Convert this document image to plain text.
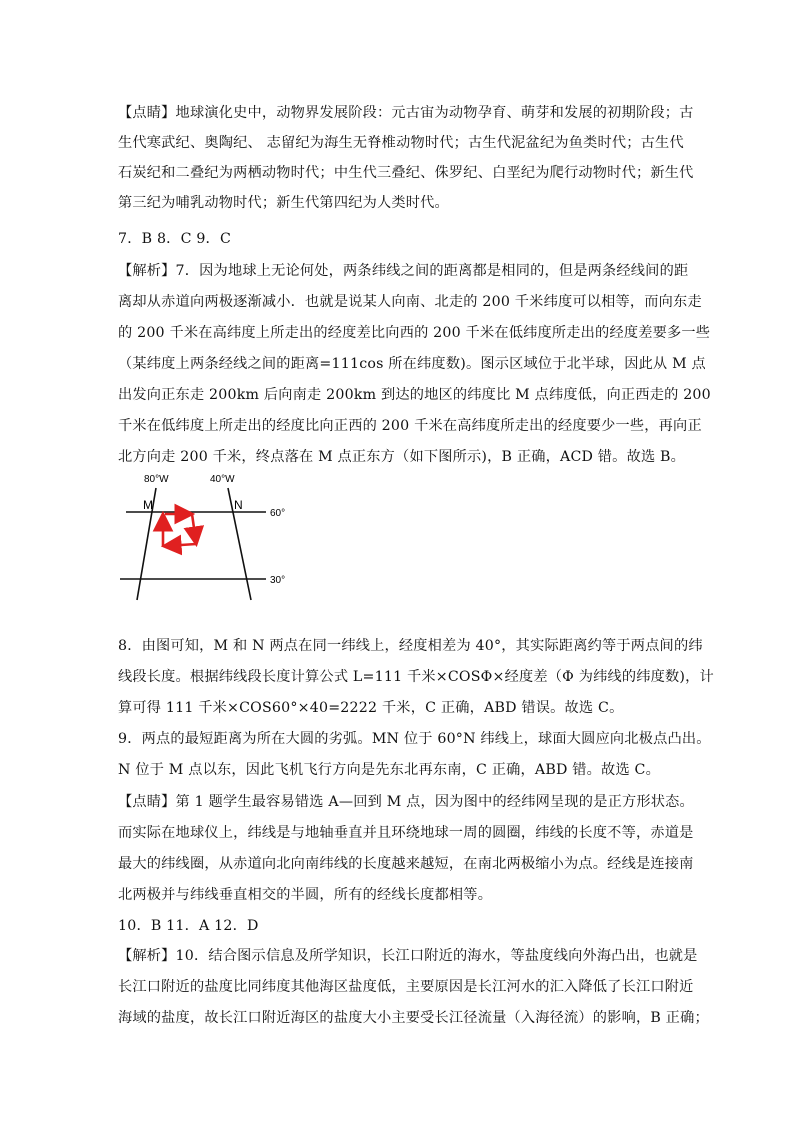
【点睛】地球演化史中，动物界发展阶段：元古宙为动物孕育、萌芽和发展的初期阶段；古
生代寒武纪、奥陶纪、 志留纪为海生无脊椎动物时代；古生代泥盆纪为鱼类时代；古生代
石炭纪和二叠纪为两栖动物时代；中生代三叠纪、侏罗纪、白垩纪为爬行动物时代；新生代
第三纪为哺乳动物时代；新生代第四纪为人类时代。
7．B 8．C 9．C
【解析】7．因为地球上无论何处，两条纬线之间的距离都是相同的，但是两条经线间的距
离却从赤道向两极逐渐减小．也就是说某人向南、北走的 200 千米纬度可以相等，而向东走
的 200 千米在高纬度上所走出的经度差比向西的 200 千米在低纬度所走出的经度差要多一些
（某纬度上两条经线之间的距离=111cos 所在纬度数)。图示区域位于北半球，因此从 M 点
出发向正东走 200km 后向南走 200km 到达的地区的纬度比 M 点纬度低，向正西走的 200
千米在低纬度上所走出的经度比向正西的 200 千米在高纬度所走出的经度要少一些，再向正
北方向走 200 千米，终点落在 M 点正东方（如下图所示)，B 正确，ACD 错。故选 B。
80°W	40°W
M	N
60°
30°
8．由图可知，M 和 N 两点在同一纬线上，经度相差为 40°，其实际距离约等于两点间的纬
线段长度。根据纬线段长度计算公式 L=111 千米×COSΦ×经度差（Φ 为纬线的纬度数)，计
算可得 111 千米×COS60°×40=2222 千米，C 正确，ABD 错误。故选 C。
9．两点的最短距离为所在大圆的劣弧。MN 位于 60°N 纬线上，球面大圆应向北极点凸出。
N 位于 M 点以东，因此飞机飞行方向是先东北再东南，C 正确，ABD 错。故选 C。
【点睛】第 1 题学生最容易错选 A—回到 M 点，因为图中的经纬网呈现的是正方形状态。
而实际在地球仪上，纬线是与地轴垂直并且环绕地球一周的圆圈，纬线的长度不等，赤道是
最大的纬线圈，从赤道向北向南纬线的长度越来越短，在南北两极缩小为点。经线是连接南
北两极并与纬线垂直相交的半圆，所有的经线长度都相等。
10．B 11．A 12．D
【解析】10．结合图示信息及所学知识，长江口附近的海水，等盐度线向外海凸出，也就是
长江口附近的盐度比同纬度其他海区盐度低，主要原因是长江河水的汇入降低了长江口附近
海域的盐度，故长江口附近海区的盐度大小主要受长江径流量（入海径流）的影响，B 正确；
